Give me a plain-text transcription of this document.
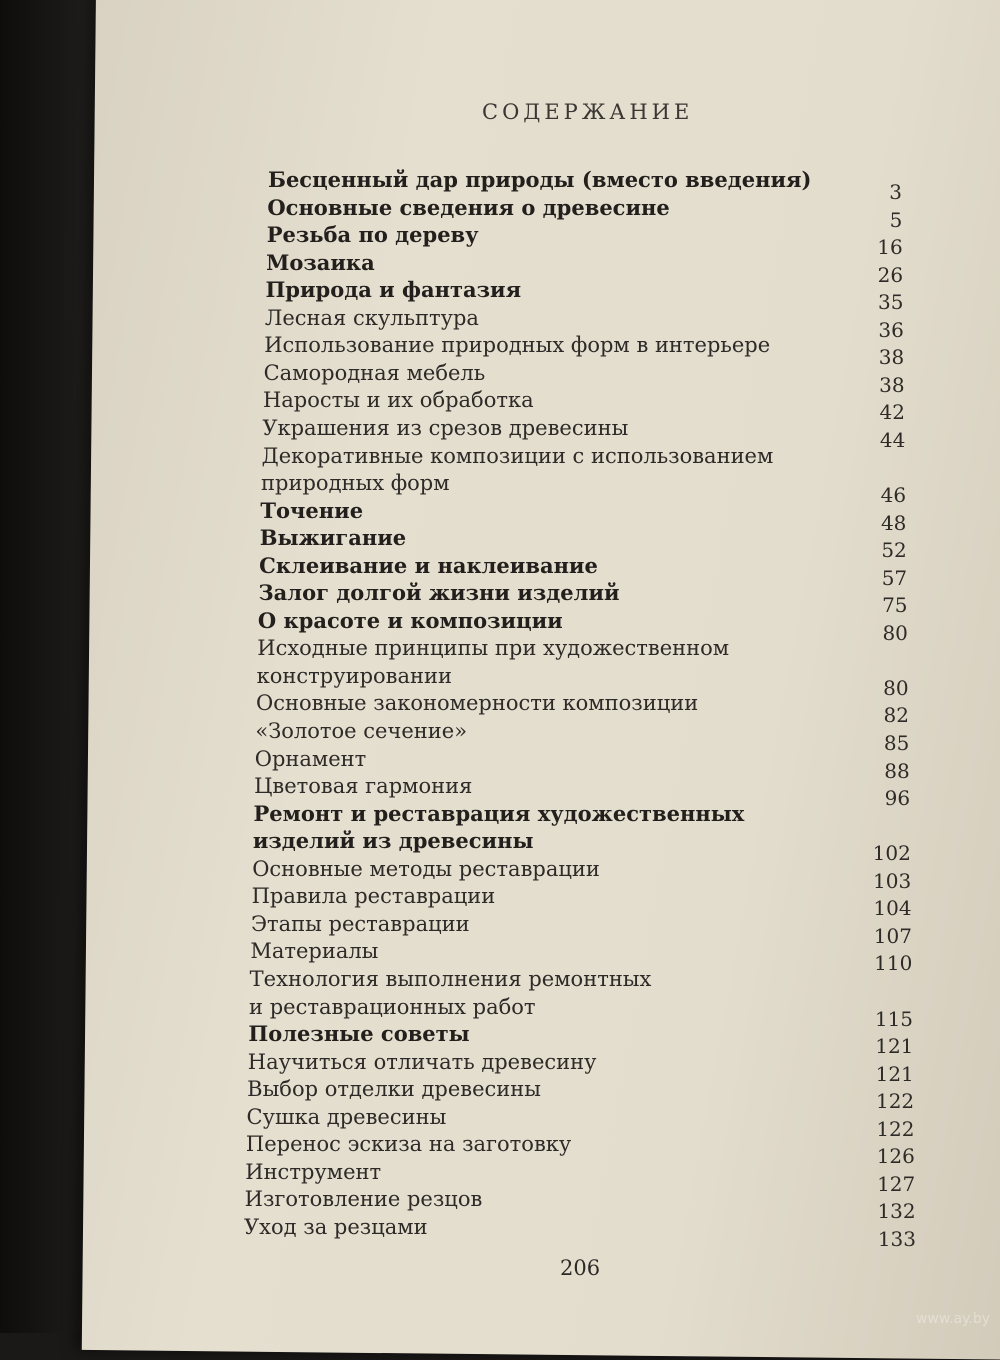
СОДЕРЖАНИЕ
Бесценный дар природы (вместо введения)	3
Основные сведения о древесине	5
Резьба по дереву	16
Мозаика	26
Природа и фантазия	35
Лесная скульптура	36
Использование природных форм в интерьере	38
Самородная мебель	38
Наросты и их обработка	42
Украшения из срезов древесины	44
Декоративные композиции с использованием
природных форм	46
Точение	48
Выжигание	52
Склеивание и наклеивание	57
Залог долгой жизни изделий	75
О красоте и композиции	80
Исходные принципы при художественном
конструировании	80
Основные закономерности композиции	82
«Золотое сечение»	85
Орнамент	88
Цветовая гармония	96
Ремонт и реставрация художественных
изделий из древесины	102
Основные методы реставрации	103
Правила реставрации	104
Этапы реставрации	107
Материалы	110
Технология выполнения ремонтных
и реставрационных работ	115
Полезные советы	121
Научиться отличать древесину	121
Выбор отделки древесины	122
Сушка древесины	122
Перенос эскиза на заготовку	126
Инструмент	127
Изготовление резцов	132
Уход за резцами	133
206
www.ay.by
